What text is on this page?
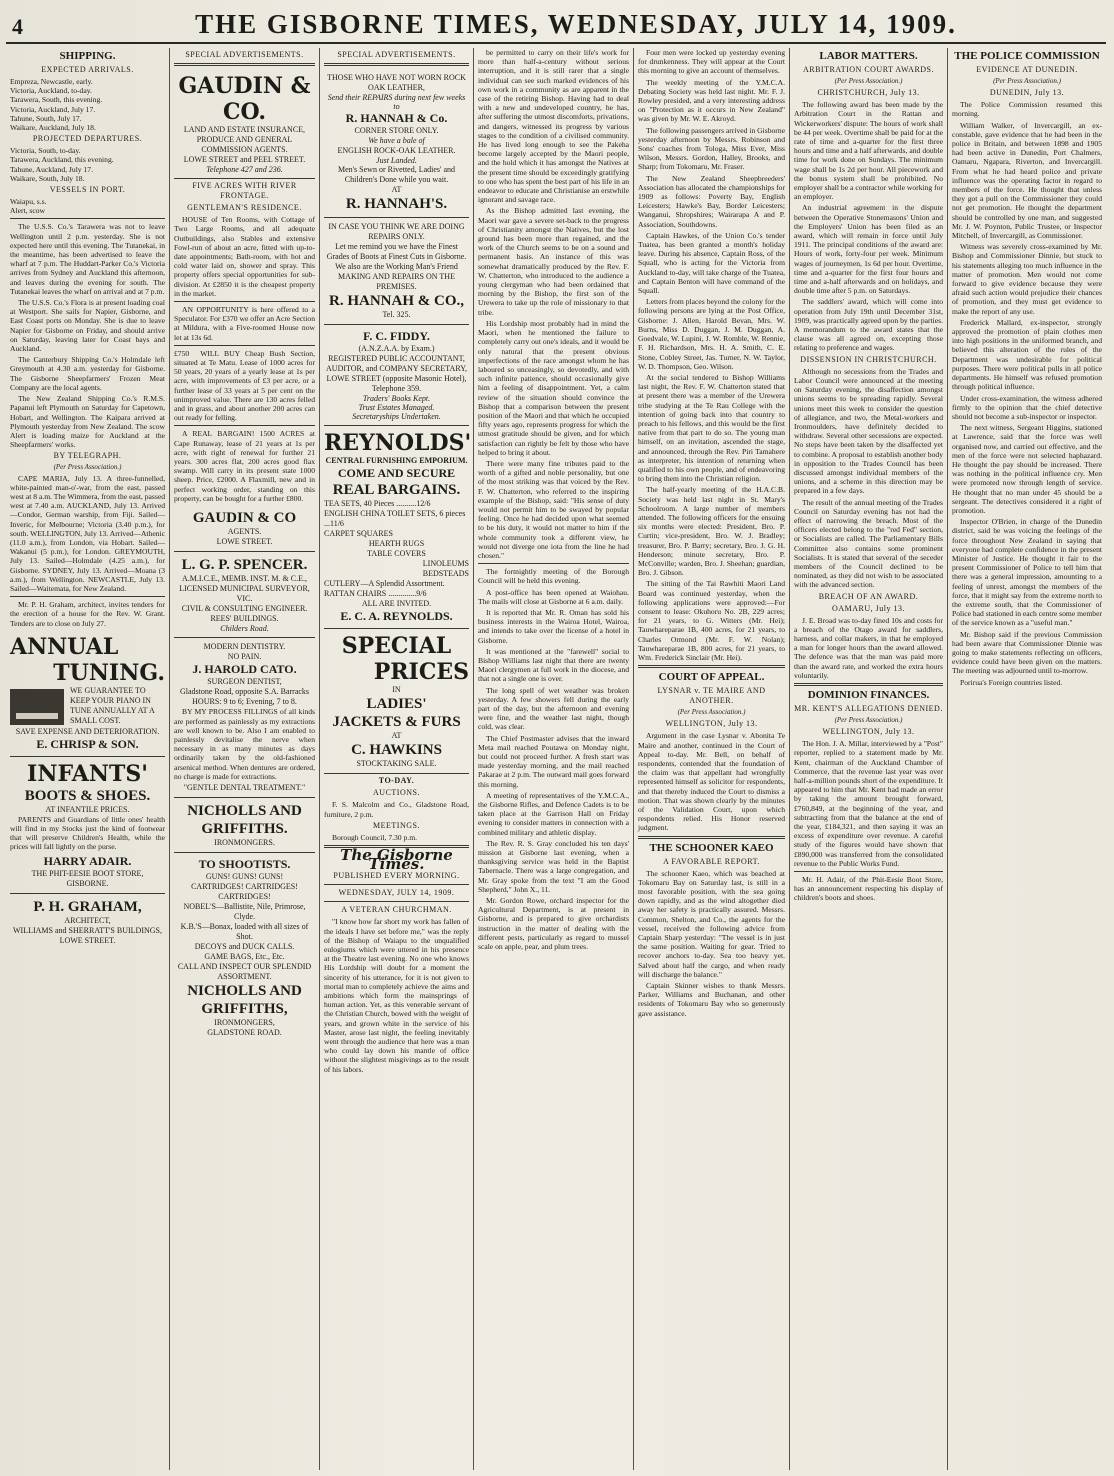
4	THE GISBORNE TIMES, WEDNESDAY, JULY 14, 1909.
SHIPPING.
EXPECTED ARRIVALS.
Empreza, Newcastle, early.
Victoria, Auckland, to-day.
Tarawera, South, this evening.
Victoria, Auckland, July 17.
Tahune, South, July 17.
Waikare, Auckland, July 18.
PROJECTED DEPARTURES.
Victoria, South, to-day.
Tarawera, Auckland, this evening.
Tahune, Auckland, July 17.
Waikare, South, July 18.
VESSELS IN PORT.
Waiapu, s.s.
Alert, scow

The U.S.S. Co.'s Tarawera was not to leave Wellington until 2 p.m. yesterday. She is not expected here until this evening. The Tutanekai, in the meantime, has been advertised to leave the wharf at 7 p.m. The Huddart-Parker Co.'s Victoria arrives from Sydney and Auckland this afternoon, and leaves during the evening for south. The Tutanekai leaves the wharf on arrival and at 7 p.m.

The U.S.S. Co.'s Flora is at present loading coal at Westport. She sails for Napier, Gisborne, and East Coast ports on Monday. She is due to leave Napier for Gisborne on Friday, and should arrive on Saturday, leaving later for Coast bays and Auckland.

The Canterbury Shipping Co.'s Holmdale left Greymouth at 4.30 a.m. yesterday for Gisborne. The Gisborne Sheepfarmers' Frozen Meat Company are the local agents.

The New Zealand Shipping Co.'s R.M.S. Papanui left Plymouth on Saturday for Capetown, Hobart, and Wellington. The Kaipara arrived at Plymouth yesterday from New Zealand. The scow Alert is loading maize for Auckland at the Sheepfarmers' works.

BY TELEGRAPH.
(Per Press Association.)

CAPE MARIA, July 13. A three-funnelled, white-painted man-o'-war, from the east, passed west at 8 a.m. The Wimmera, from the east, passed west at 7.40 a.m. AUCKLAND, July 13. Arrived—Condor, German warship, from Fiji. Sailed—Inveric, for Melbourne; Victoria (3.40 p.m.), for south. WELLINGTON, July 13. Arrived—Athenic (11.0 a.m.), from London, via Hobart. Sailed—Wakanui (5 p.m.), for London. GREYMOUTH, July 13. Sailed—Holmdale (4.25 a.m.), for Gisborne. SYDNEY, July 13. Arrived—Moana (3 a.m.), from Wellington. NEWCASTLE, July 13. Sailed—Waitemata, for New Zealand.

Mr. P. H. Graham, architect, invites tenders for the erection of a house for the Rev. W. Grant. Tenders are to close on July 27.

ANNUAL
TUNING.
WE GUARANTEE TO KEEP YOUR PIANO IN TUNE ANNUALLY AT A SMALL COST.
SAVE EXPENSE AND DETERIORATION.
E. CHRISP & SON.
INFANTS'
BOOTS & SHOES.
AT INFANTILE PRICES.

PARENTS and Guardians of little ones' health will find in my Stocks just the kind of footwear that will preserve Children's Health, while the prices will fall lightly on the purse.

HARRY ADAIR.
THE PHIT-EESIE BOOT STORE, GISBORNE.
P. H. GRAHAM,
ARCHITECT,
WILLIAMS and SHERRATT'S BUILDINGS, LOWE STREET.
SPECIAL ADVERTISEMENTS.
GAUDIN & CO.
LAND AND ESTATE INSURANCE, PRODUCE AND GENERAL COMMISSION AGENTS.
LOWE STREET and PEEL STREET.
Telephone 427 and 236.
FIVE ACRES WITH RIVER FRONTAGE.
GENTLEMAN'S RESIDENCE.

HOUSE of Ten Rooms, with Cottage of Two Large Rooms, and all adequate Outbuildings, also Stables and extensive Fowl-run of about an acre, fitted with up-to-date appointments; Bath-room, with hot and cold water laid on, shower and spray. This property offers special opportunities for sub-division. At £2850 it is the cheapest property in the market.

AN OPPORTUNITY is here offered to a Speculator. For £370 we offer an Acre Section at Mildura, with a Five-roomed House now let at 13s 6d.

£750	WILL BUY Cheap Bush Section, situated at Te Matu. Lease of 1000 acres for 50 years, 20 years of a yearly lease at 1s per acre, with improvements of £3 per acre, or a further lease of 33 years at 5 per cent on the unimproved value. There are 130 acres felled and in grass, and about another 200 acres can out ready for felling.

A REAL BARGAIN! 1500 ACRES at Cape Runaway, lease of 21 years at 1s per acre, with right of renewal for further 21 years. 300 acres flat, 200 acres good flax swamp. Will carry in its present state 1000 sheep. Price, £2000. A Flaxmill, new and in perfect working order, standing on this property, can be bought for a further £800.

GAUDIN & CO
AGENTS.
LOWE STREET.
L. G. P. SPENCER.
A.M.I.C.E., MEMB. INST. M. & C.E., LICENSED MUNICIPAL SURVEYOR, VIC.
CIVIL & CONSULTING ENGINEER.
REES' BUILDINGS.
Childers Road.
MODERN DENTISTRY.
NO PAIN.
J. HAROLD CATO.
SURGEON DENTIST,
Gladstone Road, opposite S.A. Barracks HOURS: 9 to 6; Evening, 7 to 8.

BY MY PROCESS FILLINGS of all kinds are performed as painlessly as my extractions are well known to be. Also I am enabled to painlessly devitalise the nerve when necessary in as many minutes as days ordinarily taken by the old-fashioned arsenical method. When dentures are ordered, no charge is made for extractions.

"GENTLE DENTAL TREATMENT."
NICHOLLS AND GRIFFITHS.
IRONMONGERS.
TO SHOOTISTS.
GUNS! GUNS! GUNS!
CARTRIDGES! CARTRIDGES! CARTRIDGES!
NOBEL'S—Ballistite, Nile, Primrose, Clyde.
K.B.'S—Bonax, loaded with all sizes of Shot.
DECOYS and DUCK CALLS.
GAME BAGS, Etc., Etc.
CALL AND INSPECT OUR SPLENDID ASSORTMENT.
NICHOLLS AND GRIFFITHS,
IRONMONGERS,
GLADSTONE ROAD.
SPECIAL ADVERTISEMENTS.
THOSE WHO HAVE NOT WORN ROCK OAK LEATHER,
Send their REPAIRS during next few weeks to
R. HANNAH & Co.
CORNER STORE ONLY.
We have a bale of
ENGLISH ROCK-OAK LEATHER.
Just Landed.
Men's Sewn or Rivetted, Ladies' and Children's Done while you wait.
AT
R. HANNAH'S.
IN CASE YOU THINK WE ARE DOING REPAIRS ONLY.
Let me remind you we have the Finest Grades of Boots at Finest Cuts in Gisborne.
We also are the Working Man's Friend
MAKING AND REPAIRS ON THE PREMISES.
R. HANNAH & CO.,
Tel. 325.
F. C. FIDDY.
(A.N.Z.A.A. by Exam.)
REGISTERED PUBLIC ACCOUNTANT, AUDITOR, and COMPANY SECRETARY,
LOWE STREET (opposite Masonic Hotel), Telephone 359.
Traders' Books Kept.
Trust Estates Managed.
Secretaryships Undertaken.
REYNOLDS'
CENTRAL FURNISHING EMPORIUM.
COME AND SECURE
REAL BARGAINS.
TEA SETS, 40 Pieces ..........12/6
ENGLISH CHINA TOILET SETS, 6 pieces ...11/6
CARPET SQUARES
HEARTH RUGS
TABLE COVERS
LINOLEUMS
BEDSTEADS
CUTLERY—A Splendid Assortment.
RATTAN CHAIRS ..............9/6
ALL ARE INVITED.
E. C. A. REYNOLDS.
SPECIAL
PRICES
IN
LADIES'
JACKETS & FURS
AT
C. HAWKINS
STOCKTAKING SALE.
TO-DAY.
AUCTIONS.

F. S. Malcolm and Co., Gladstone Road, furniture, 2 p.m.

MEETINGS.

Borough Council, 7.30 p.m.

The Gisborne Times.
PUBLISHED EVERY MORNING.
WEDNESDAY, JULY 14, 1909.
A VETERAN CHURCHMAN.

"I know how far short my work has fallen of the ideals I have set before me," was the reply of the Bishop of Waiapu to the unqualified eulogiums which were uttered in his presence at the Theatre last evening. No one who knows His Lordship will doubt for a moment the sincerity of his utterance, for it is not given to mortal man to completely achieve the aims and ambitions which form the mainsprings of human action. Yet, as this venerable servant of the Christian Church, bowed with the weight of years, and grown white in the service of his Master, arose last night, the feeling inevitably went through the audience that here was a man who could lay down his mantle of office without the slightest misgivings as to the result of his labors.

be permitted to carry on their life's work for more than half-a-century without serious interruption, and it is still rarer that a single individual can see such marked evidences of his own work in a community as are apparent in the case of the retiring Bishop. Having had to deal with a new and undeveloped country, he has, after suffering the utmost discomforts, privations, and dangers, witnessed its progress by various stages to the condition of a civilised community. He has lived long enough to see the Pakeha become largely accepted by the Maori people, and the hold which it has amongst the Natives at the present time should be exceedingly gratifying to one who has spent the best part of his life in an endeavor to educate and Christianise an erstwhile ignorant and savage race.

As the Bishop admitted last evening, the Maori war gave a severe set-back to the progress of Christianity amongst the Natives, but the lost ground has been more than regained, and the work of the Church seems to be on a sound and permanent basis. An instance of this was somewhat dramatically produced by the Rev. F. W. Chatterton, who introduced to the audience a young clergyman who had been ordained that morning by the Bishop, the first son of the Urewera to take up the role of missionary to that tribe.

His Lordship most probably had in mind the Maori, when he mentioned the failure to completely carry out one's ideals, and it would be only natural that the present obvious imperfections of the race amongst whom he has laboured so unceasingly, so devotedly, and with such infinite patience, should occasionally give him a feeling of disappointment. Yet, a calm review of the situation should convince the Bishop that a comparison between the present position of the Maori and that which he occupied fifty years ago, represents progress for which the utmost gratitude should be given, and for which satisfaction can rightly be felt by those who have helped to bring it about.

There were many fine tributes paid to the worth of a gifted and noble personality, but one of the most striking was that voiced by the Rev. F. W. Chatterton, who referred to the inspiring example of the Bishop, said: "His sense of duty would not permit him to be swayed by popular feeling. Once he had decided upon what seemed to be his duty, it would not matter to him if the whole community took a different view, he would not diverge one iota from the line he had chosen."

The fortnightly meeting of the Borough Council will be held this evening.

A post-office has been opened at Waiohau. The mails will close at Gisborne at 6 a.m. daily.

It is reported that Mr. R. Oman has sold his business interests in the Wairoa Hotel, Wairoa, and intends to take over the license of a hotel in Gisborne.

It was mentioned at the "farewell" social to Bishop Williams last night that there are twenty Maori clergymen at full work in the diocese, and that not a single one is over.

The long spell of wet weather was broken yesterday. A few showers fell during the early part of the day, but the afternoon and evening were fine, and the weather last night, though cold, was clear.

The Chief Postmaster advises that the inward Meta mail reached Poutawa on Monday night, but could not proceed further. A fresh start was made yesterday morning, and the mail reached Pakarae at 2 p.m. The outward mail goes forward this morning.

A meeting of representatives of the Y.M.C.A., the Gisborne Rifles, and Defence Cadets is to be taken place at the Garrison Hall on Friday evening to consider matters in connection with a combined military and athletic display.

The Rev. R. S. Gray concluded his ten days' mission at Gisborne last evening, when a thanksgiving service was held in the Baptist Tabernacle. There was a large congregation, and Mr. Gray spoke from the text "I am the Good Shepherd," John X., 11.

Mr. Gordon Rowe, orchard inspector for the Agricultural Department, is at present in Gisborne, and is prepared to give orchardists instruction in the matter of dealing with the different pests, particularly as regard to mussel scale on apple, pear, and plum trees.

Four men were locked up yesterday evening for drunkenness. They will appear at the Court this morning to give an account of themselves.

The weekly meeting of the Y.M.C.A. Debating Society was held last night. Mr. F. J. Rowley presided, and a very interesting address on "Protection as it occurs in New Zealand" was given by Mr. W. E. Akroyd.

The following passengers arrived in Gisborne yesterday afternoon by Messrs. Robinson and Sons' coaches from Tologa, Miss Ever, Miss Wilson, Messrs. Gordon, Halley, Brooks, and Sharp; from Tokomaru, Mr. Fraser.

The New Zealand Sheepbreeders' Association has allocated the championships for 1909 as follows: Poverty Bay, English Leicesters; Hawke's Bay, Border Leicesters; Wanganui, Shropshires; Wairarapa A and P. Association, Southdowns.

Captain Hawkes, of the Union Co.'s tender Tuatea, has been granted a month's holiday leave. During his absence, Captain Ross, of the Squall, who is acting for the Victoria from Auckland to-day, will take charge of the Tuatea, and Captain Benton will have command of the Squall.

Letters from places beyond the colony for the following persons are lying at the Post Office, Gisborne: J. Allen, Harold Bevan, Mrs. W. Burns, Miss D. Duggan, J. M. Duggan, A. Goedvale, W. Lupini, J. W. Romble, W. Rennie, F. H. Richardson, Mrs. H. A. Smith, C. E. Stone, Cobley Street, Jas. Turner, N. W. Taylor, W. D. Thompson, Geo. Wilson.

At the social tendered to Bishop Williams last night, the Rev. F. W. Chatterton stated that at present there was a member of the Urewera tribe studying at the Te Rau College with the intention of going back into that country to preach to his fellows, and this would be the first native from that part to do so. The young man himself, on an invitation, ascended the stage, and announced, through the Rev. Piri Tamahere as interpreter, his intention of returning when qualified to his own people, and of endeavoring to bring them into the Christian religion.

The half-yearly meeting of the H.A.C.B. Society was held last night in St. Mary's Schoolroom. A large number of members attended. The following officers for the ensuing six months were elected: President, Bro. P. Curtin; vice-president, Bro. W. J. Bradley; treasurer, Bro. P. Barry; secretary, Bro. J. G. H. Henderson; minute secretary, Bro. P. McConville; warden, Bro. J. Sheehan; guardian, Bro. J. Gibson.

The sitting of the Tai Rawhiti Maori Land Board was continued yesterday, when the following applications were approved:—For consent to lease: Okuhoru No. 2B, 229 acres; for 21 years, to G. Witters (Mr. Hei); Tauwhareparae 1B, 400 acres, for 21 years, to Charles Ormond (Mr. F. W. Nolan); Tauwhareparae 1B, 800 acres, for 21 years, to Wm. Frederick Sinclair (Mr. Hei).

COURT OF APPEAL.
LYSNAR v. TE MAIRE AND ANOTHER.
(Per Press Association.)
WELLINGTON, July 13.

Argument in the case Lysnar v. Abonita Te Maire and another, continued in the Court of Appeal to-day. Mr. Bell, on behalf of respondents, contended that the foundation of the claim was that appellant had wrongfully represented himself as solicitor for respondents, and that thereby induced the Court to dismiss a motion. That was shown clearly by the minutes of the Validation Court, upon which respondents relied. His Honor reserved judgment.

THE SCHOONER KAEO
A FAVORABLE REPORT.

The schooner Kaeo, which was beached at Tokomaru Bay on Saturday last, is still in a most favorable position, with the sea going down rapidly, and as the wind altogether died away her safety is practically assured. Messrs. Common, Shelton, and Co., the agents for the vessel, received the following advice from Captain Sharp yesterday: "The vessel is in just the same position. Waiting for gear. Tried to recover anchors to-day. Sea too heavy yet. Salved about half the cargo, and when ready will discharge the balance."

Captain Skinner wishes to thank Messrs. Parker, Williams and Buchanan, and other residents of Tokomaru Bay who so generously gave assistance.

LABOR MATTERS.
ARBITRATION COURT AWARDS.
(Per Press Association.)
CHRISTCHURCH, July 13.

The following award has been made by the Arbitration Court in the Rattan and Wickerworkers' dispute: The hours of work shall be 44 per week. Overtime shall be paid for at the rate of time and a-quarter for the first three hours and time and a half afterwards, and double time for work done on Sundays. The minimum wage shall be 1s 2d per hour. All piecework and the bonus system shall be prohibited. No employer shall be a contractor while working for an employer.

An industrial agreement in the dispute between the Operative Stonemasons' Union and the Employers' Union has been filed as an award, which will remain in force until July 1911. The principal conditions of the award are: Hours of work, forty-four per week. Minimum wages of journeymen, 1s 6d per hour. Overtime, time and a-quarter for the first four hours and time and a-half afterwards and on holidays, and double time after 5 p.m. on Saturdays.

The saddlers' award, which will come into operation from July 19th until December 31st, 1909, was practically agreed upon by the parties. A memorandum to the award states that the clause was all agreed on, excepting those relating to preference and wages.

DISSENSION IN CHRISTCHURCH.

Although no secessions from the Trades and Labor Council were announced at the meeting on Saturday evening, the disaffection amongst unions seems to be spreading rapidly. Several unions meet this week to consider the question of allegiance, and two, the Metal-workers and Ironmoulders, have definitely decided to withdraw. Several other secessions are expected. No steps have been taken by the disaffected yet to combine. A proposal to establish another body in opposition to the Trades Council has been discussed amongst individual members of the unions, and a scheme in this direction may be prepared in a few days.

The result of the annual meeting of the Trades Council on Saturday evening has not had the effect of narrowing the breach. Most of the officers elected belong to the "red Fed" section, or Socialists are called. The Parliamentary Bills Committee also contains some prominent Socialists. It is stated that several of the seceder members of the Council declined to be nominated, as they did not wish to be associated with the advanced section.

BREACH OF AN AWARD.
OAMARU, July 13.

J. E. Broad was to-day fined 10s and costs for a breach of the Otago award for saddlers, harness, and collar makers, in that he employed a man for longer hours than the award allowed. The defence was that the man was paid more than the award rate, and worked the extra hours voluntarily.

DOMINION FINANCES.
MR. KENT'S ALLEGATIONS DENIED.
(Per Press Association.)
WELLINGTON, July 13.

The Hon. J. A. Millar, interviewed by a "Post" reporter, replied to a statement made by Mr. Kent, chairman of the Auckland Chamber of Commerce, that the revenue last year was over half-a-million pounds short of the expenditure. It appeared to him that Mr. Kent had made an error by taking the amount brought forward, £760,849, at the beginning of the year, and subtracting from that the balance at the end of the year, £184,321, and then saying it was an excess of expenditure over revenue. A careful study of the figures would have shown that £890,000 was transferred from the consolidated revenue to the Public Works Fund.

Mr. H. Adair, of the Phit-Eesie Boot Store, has an announcement respecting his display of children's boots and shoes.

THE POLICE COMMISSION
EVIDENCE AT DUNEDIN.
(Per Press Association.)
DUNEDIN, July 13.

The Police Commission resumed this morning.

William Walker, of Invercargill, an ex-constable, gave evidence that he had been in the police in Britain, and between 1898 and 1905 had been active in Dunedin, Port Chalmers, Oamaru, Ngapara, Riverton, and Invercargill. From what he had heard police and private influence was the operating factor in regard to members of the force. He thought that unless they got a pull on the Commissioner they could not get promotion. He thought the department should be controlled by one man, and suggested Mr. J. W. Poynton, Public Trustee, or Inspector Mitchell, of Invercargill, as Commissioner.

Witness was severely cross-examined by Mr. Bishop and Commissioner Dinnie, but stuck to his statements alleging too much influence in the matter of promotion. Men would not come forward to give evidence because they were afraid such action would prejudice their chances of promotion, and they must get evidence to make the report of any use.

Frederick Mallard, ex-inspector, strongly approved the promotion of plain clothes men into high positions in the uniformed branch, and believed this alteration of the rules of the Department was undesirable for political purposes. There were political pulls in all police departments. He himself was refused promotion through political influence.

Under cross-examination, the witness adhered firmly to the opinion that the chief detective should not become a sub-inspector or inspector.

The next witness, Sergeant Higgins, stationed at Lawrence, said that the force was well organised now, and carried out effective, and the men of the force were not selected haphazard. He thought the pay should be increased. There was nothing in the political influence cry. Men were promoted now through length of service. He thought that no man under 45 should be a sergeant. The detectives considered it a right of promotion.

Inspector O'Brien, in charge of the Dunedin district, said he was voicing the feelings of the force throughout New Zealand in saying that everyone had complete confidence in the present Minister of Justice. He thought it fair to the present Commissioner of Police to tell him that there was a general impression, amounting to a feeling of unrest, amongst the members of the force, that it might say from the extreme north to the extreme south, that the Commissioner of Police had stationed in each centre some member of the service known as a "useful man."

Mr. Bishop said if the previous Commission had been aware that Commissioner Dinnie was going to make statements reflecting on officers, evidence could have been given on the matters. The meeting was adjourned until to-morrow.

Porirua's Foreign countries listed.
